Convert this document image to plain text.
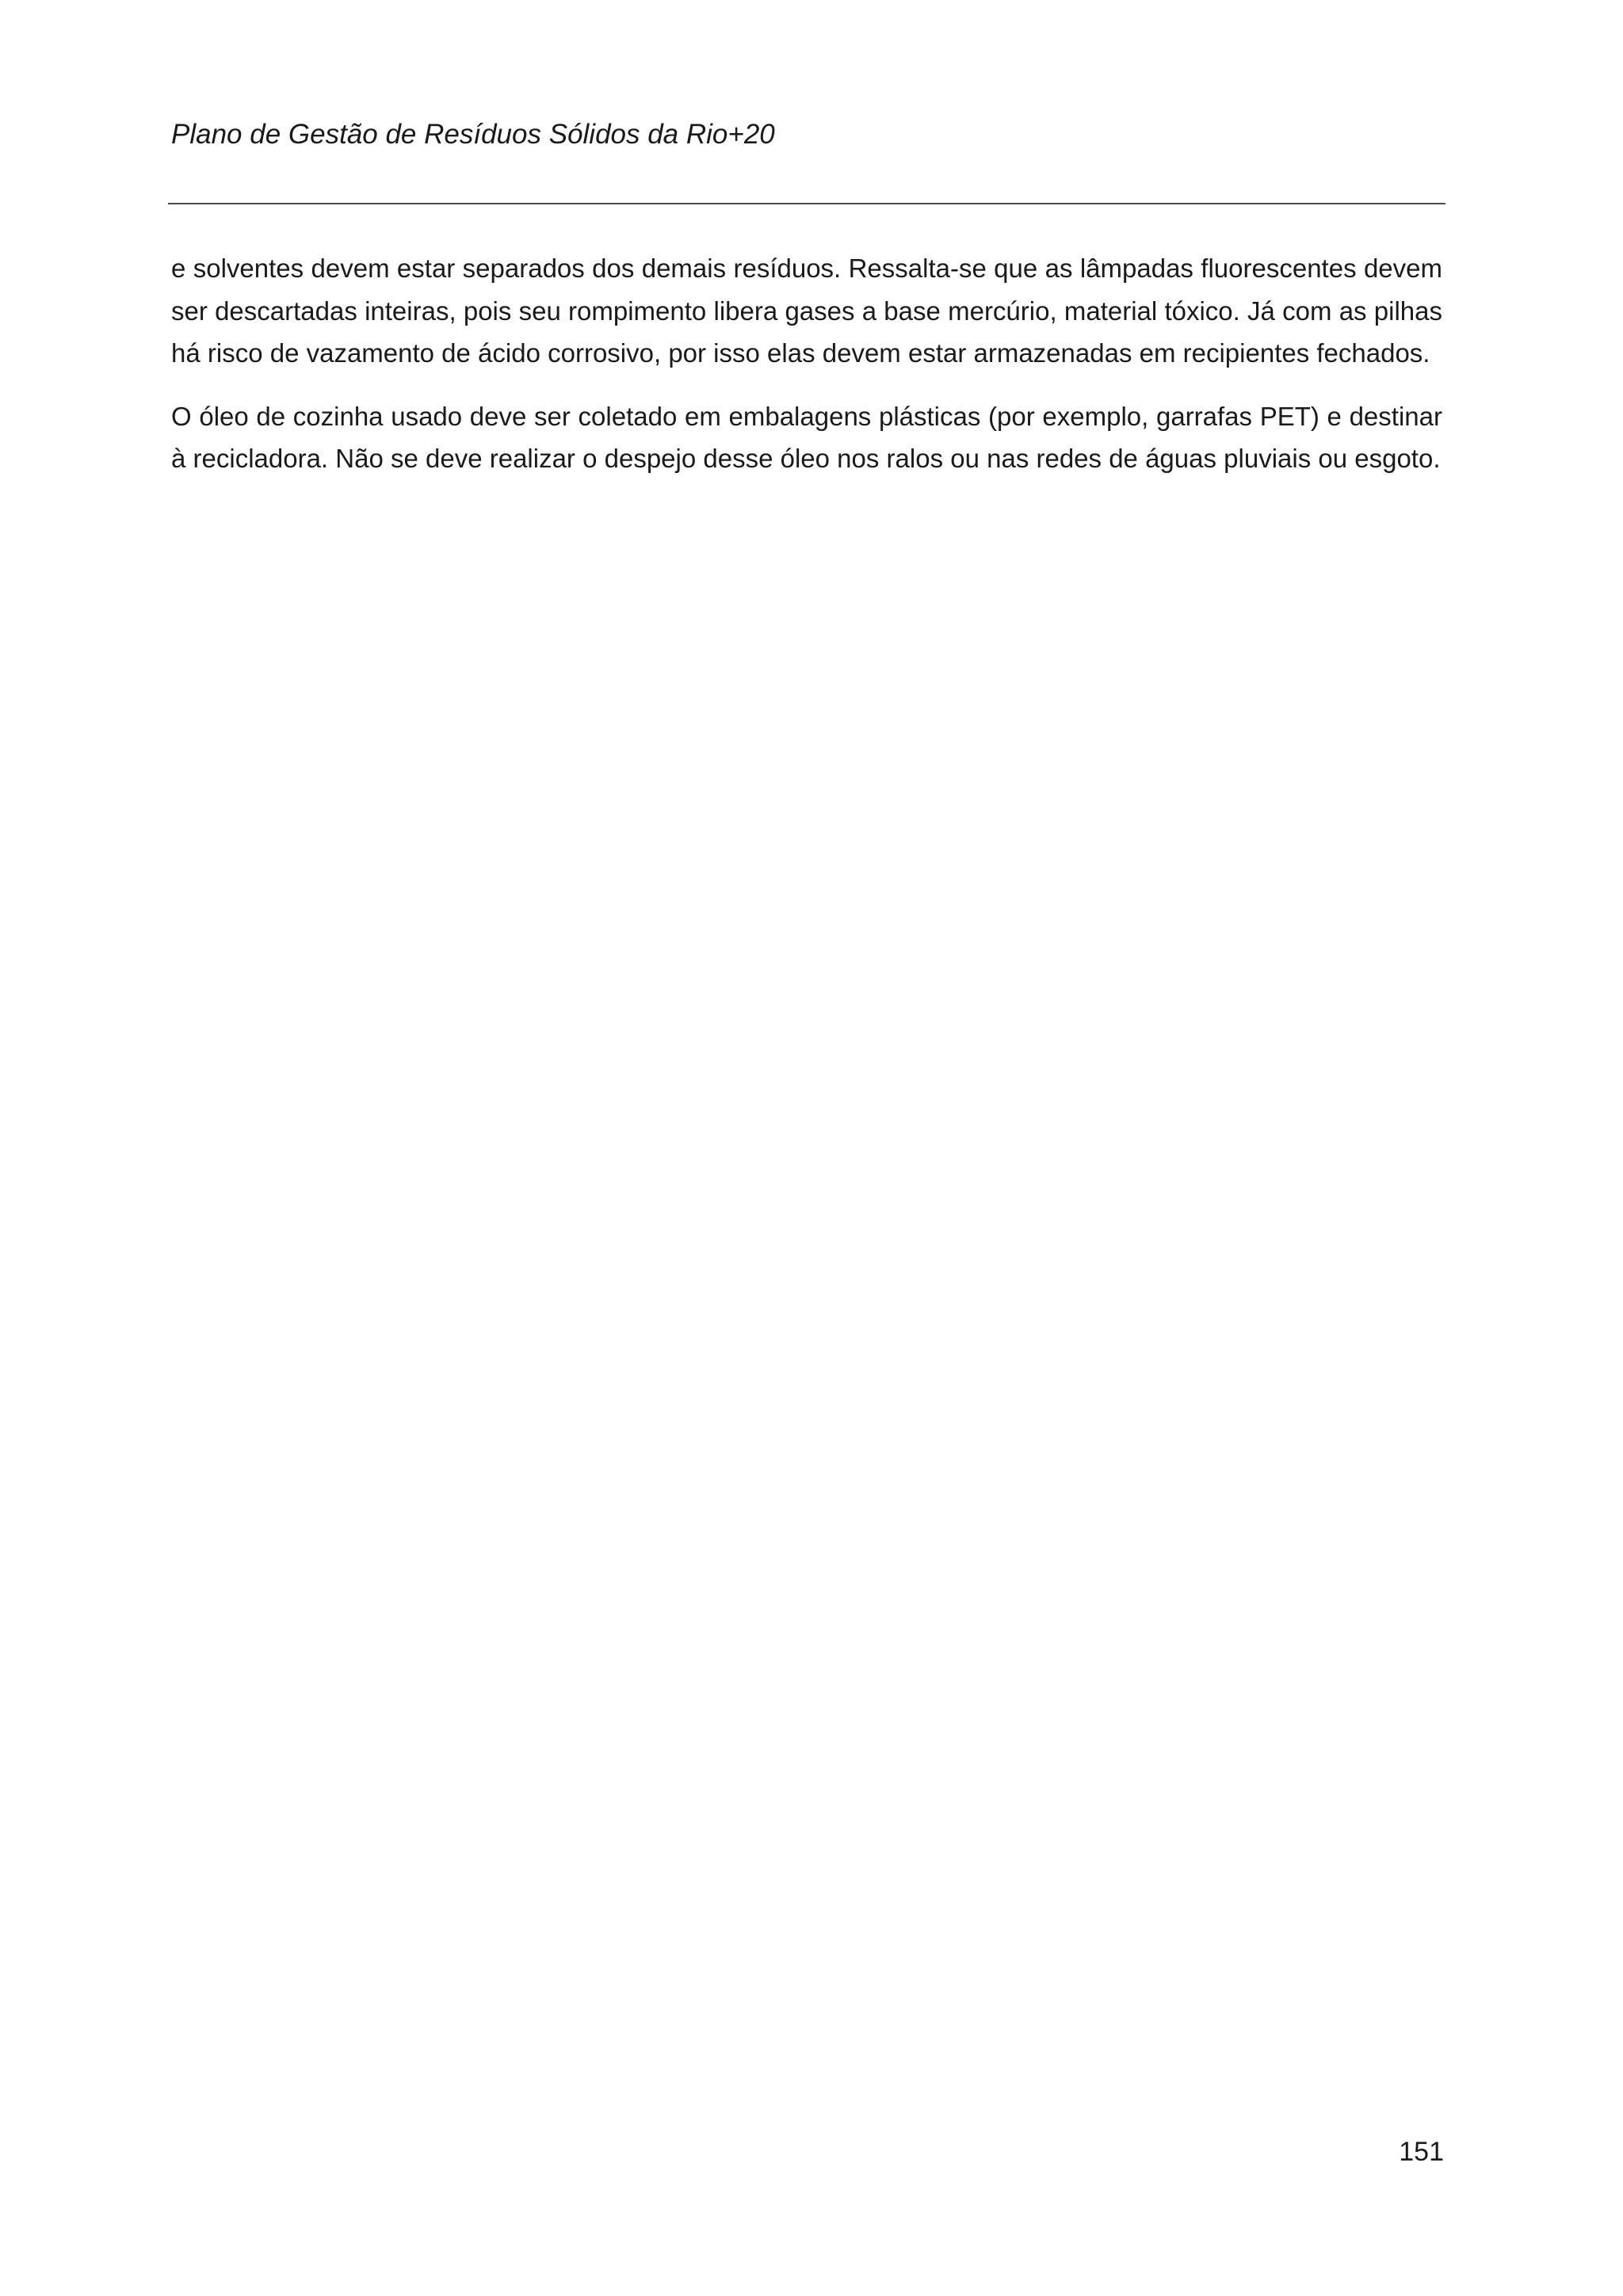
Plano de Gestão de Resíduos Sólidos da Rio+20

e solventes devem estar separados dos demais resíduos. Ressalta-se que as lâmpadas fluorescentes devem ser descartadas inteiras, pois seu rompimento libera gases a base mercúrio, material tóxico. Já com as pilhas há risco de vazamento de ácido corrosivo, por isso elas devem estar armazenadas em recipientes fechados.

O óleo de cozinha usado deve ser coletado em embalagens plásticas (por exemplo, garrafas PET) e destinar à recicladora. Não se deve realizar o despejo desse óleo nos ralos ou nas redes de águas pluviais ou esgoto.

151
